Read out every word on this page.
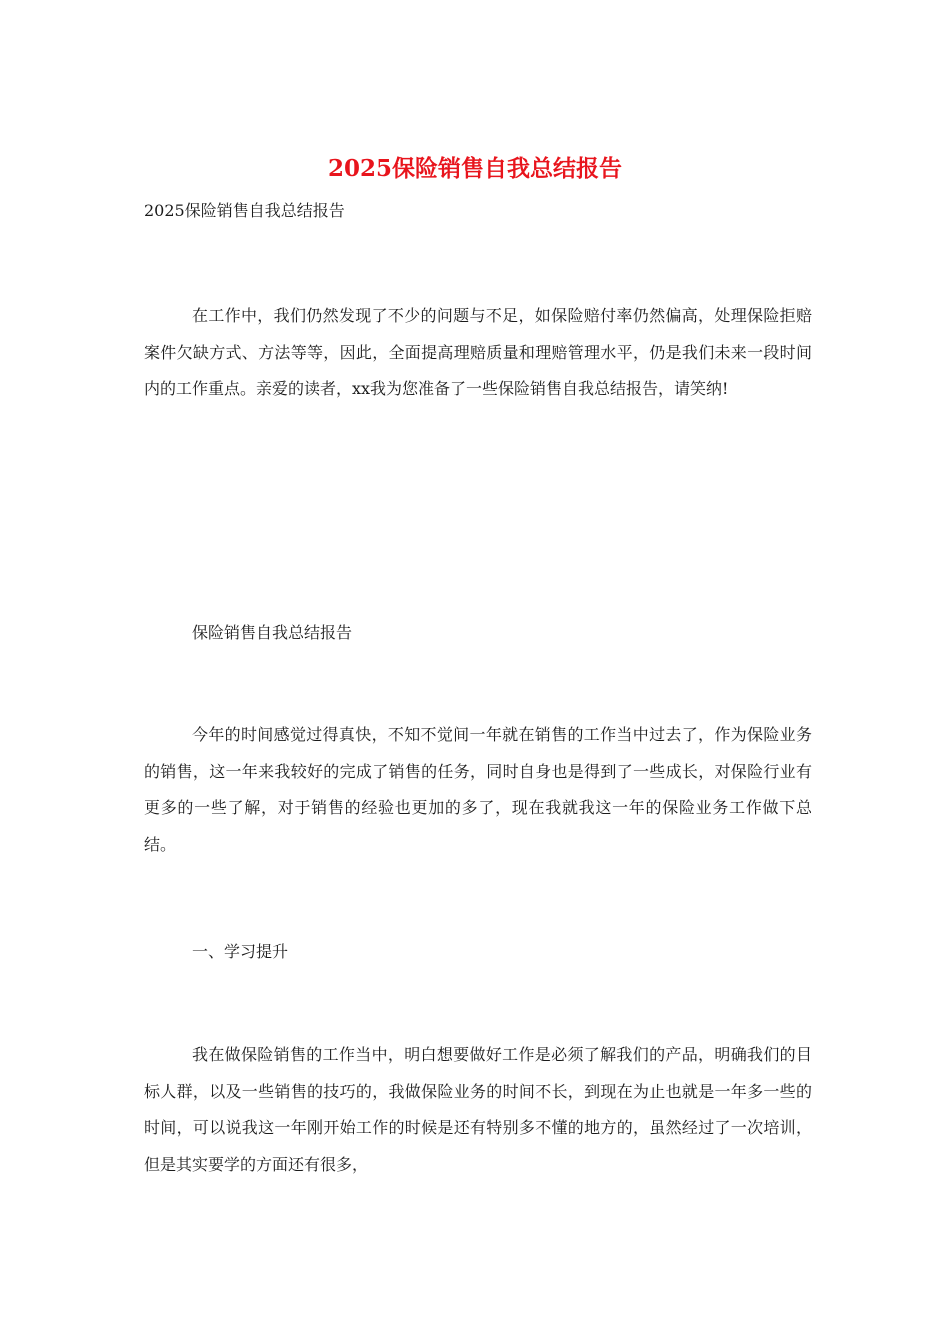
2025保险销售自我总结报告
2025保险销售自我总结报告
在工作中，我们仍然发现了不少的问题与不足，如保险赔付率仍然偏高，处理保险拒赔案件欠缺方式、方法等等，因此，全面提高理赔质量和理赔管理水平，仍是我们未来一段时间内的工作重点。亲爱的读者，xx我为您准备了一些保险销售自我总结报告，请笑纳!
保险销售自我总结报告
今年的时间感觉过得真快，不知不觉间一年就在销售的工作当中过去了，作为保险业务的销售，这一年来我较好的完成了销售的任务，同时自身也是得到了一些成长，对保险行业有更多的一些了解，对于销售的经验也更加的多了，现在我就我这一年的保险业务工作做下总结。
一、学习提升
我在做保险销售的工作当中，明白想要做好工作是必须了解我们的产品，明确我们的目标人群，以及一些销售的技巧的，我做保险业务的时间不长，到现在为止也就是一年多一些的时间，可以说我这一年刚开始工作的时候是还有特别多不懂的地方的，虽然经过了一次培训，但是其实要学的方面还有很多，
